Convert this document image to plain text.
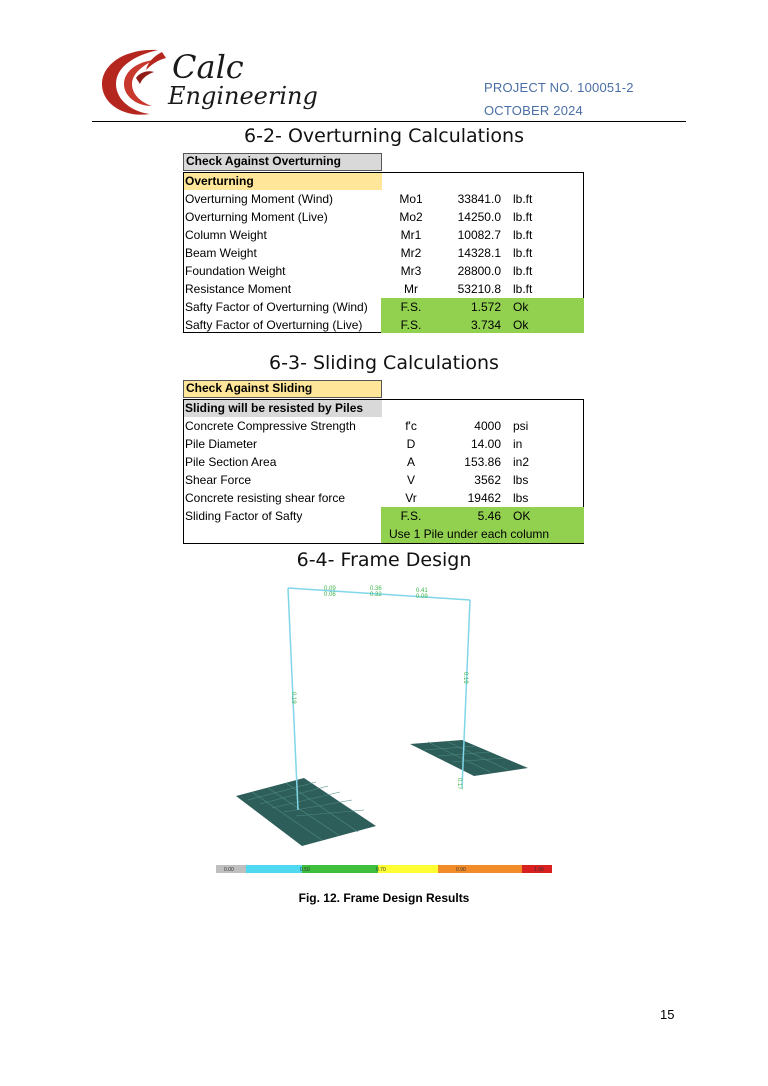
Calc
Engineering	PROJECT NO. 100051-2
OCTOBER 2024
6-2- Overturning Calculations
Check Against Overturning
Overturning
Overturning Moment (Wind)	Mo1	33841.0 lb.ft
Overturning Moment (Live)	Mo2	14250.0 lb.ft
Column Weight	Mr1	10082.7 lb.ft
Beam Weight	Mr2	14328.1 lb.ft
Foundation Weight	Mr3	28800.0 lb.ft
Resistance Moment	Mr	53210.8 lb.ft
Safty Factor of Overturning (Wind)	F.S.	1.572 Ok
Safty Factor of Overturning (Live)	F.S.	3.734 Ok
6-3- Sliding Calculations
Check Against Sliding
Sliding will be resisted by Piles
Concrete Compressive Strength	f'c	4000 psi
Pile Diameter	D	14.00 in
Pile Section Area	A	153.86 in2
Shear Force	V	3562 lbs
Concrete resisting shear force	Vr	19462 lbs
Sliding Factor of Safty	F.S.	5.46 OK
Use 1 Pile under each column
6-4- Frame Design
0.09
0.06
0.36
0.32
0.41
0.09
0.19
0.19
0.17
0.00	0.50	0.70	0.90	1.00
Fig. 12. Frame Design Results
15
